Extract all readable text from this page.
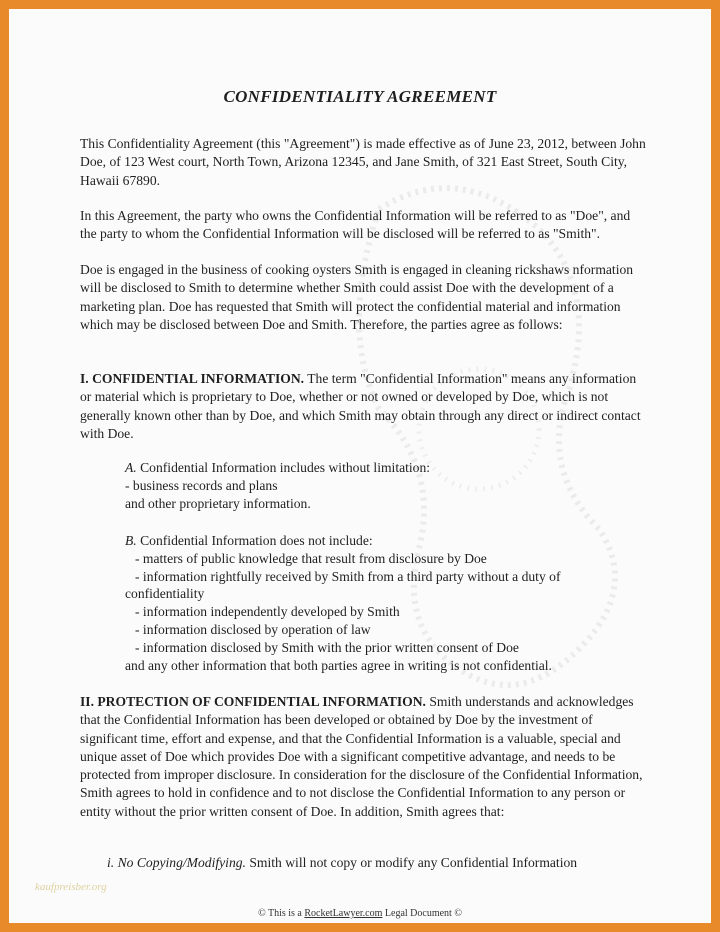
CONFIDENTIALITY AGREEMENT

This Confidentiality Agreement (this "Agreement") is made effective as of June 23, 2012, between John Doe, of 123 West court, North Town, Arizona 12345, and Jane Smith, of 321 East Street, South City, Hawaii 67890.

In this Agreement, the party who owns the Confidential Information will be referred to as "Doe", and the party to whom the Confidential Information will be disclosed will be referred to as "Smith".

Doe is engaged in the business of cooking oysters Smith is engaged in cleaning rickshaws nformation will be disclosed to Smith to determine whether Smith could assist Doe with the development of a marketing plan. Doe has requested that Smith will protect the confidential material and information which may be disclosed between Doe and Smith. Therefore, the parties agree as follows:

I. CONFIDENTIAL INFORMATION. The term "Confidential Information" means any information or material which is proprietary to Doe, whether or not owned or developed by Doe, which is not generally known other than by Doe, and which Smith may obtain through any direct or indirect contact with Doe.

A. Confidential Information includes without limitation:
- business records and plans
and other proprietary information.
B. Confidential Information does not include:
- matters of public knowledge that result from disclosure by Doe
- information rightfully received by Smith from a third party without a duty of
confidentiality
- information independently developed by Smith
- information disclosed by operation of law
- information disclosed by Smith with the prior written consent of Doe
and any other information that both parties agree in writing is not confidential.

II. PROTECTION OF CONFIDENTIAL INFORMATION. Smith understands and acknowledges that the Confidential Information has been developed or obtained by Doe by the investment of significant time, effort and expense, and that the Confidential Information is a valuable, special and unique asset of Doe which provides Doe with a significant competitive advantage, and needs to be protected from improper disclosure. In consideration for the disclosure of the Confidential Information, Smith agrees to hold in confidence and to not disclose the Confidential Information to any person or entity without the prior written consent of Doe. In addition, Smith agrees that:

i. No Copying/Modifying. Smith will not copy or modify any Confidential Information

kaufpreisber.org
© This is a RocketLawyer.com Legal Document ©
